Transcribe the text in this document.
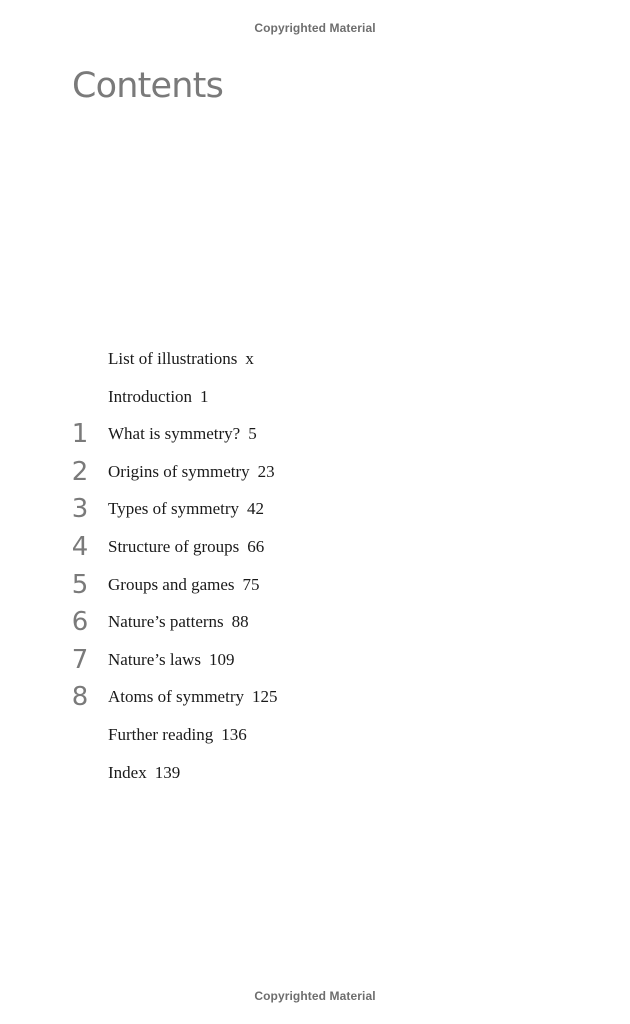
Copyrighted Material
Contents
List of illustrations x
Introduction 1
1 What is symmetry? 5
2 Origins of symmetry 23
3 Types of symmetry 42
4 Structure of groups 66
5 Groups and games 75
6 Nature’s patterns 88
7 Nature’s laws 109
8 Atoms of symmetry 125
Further reading 136
Index 139
Copyrighted Material
